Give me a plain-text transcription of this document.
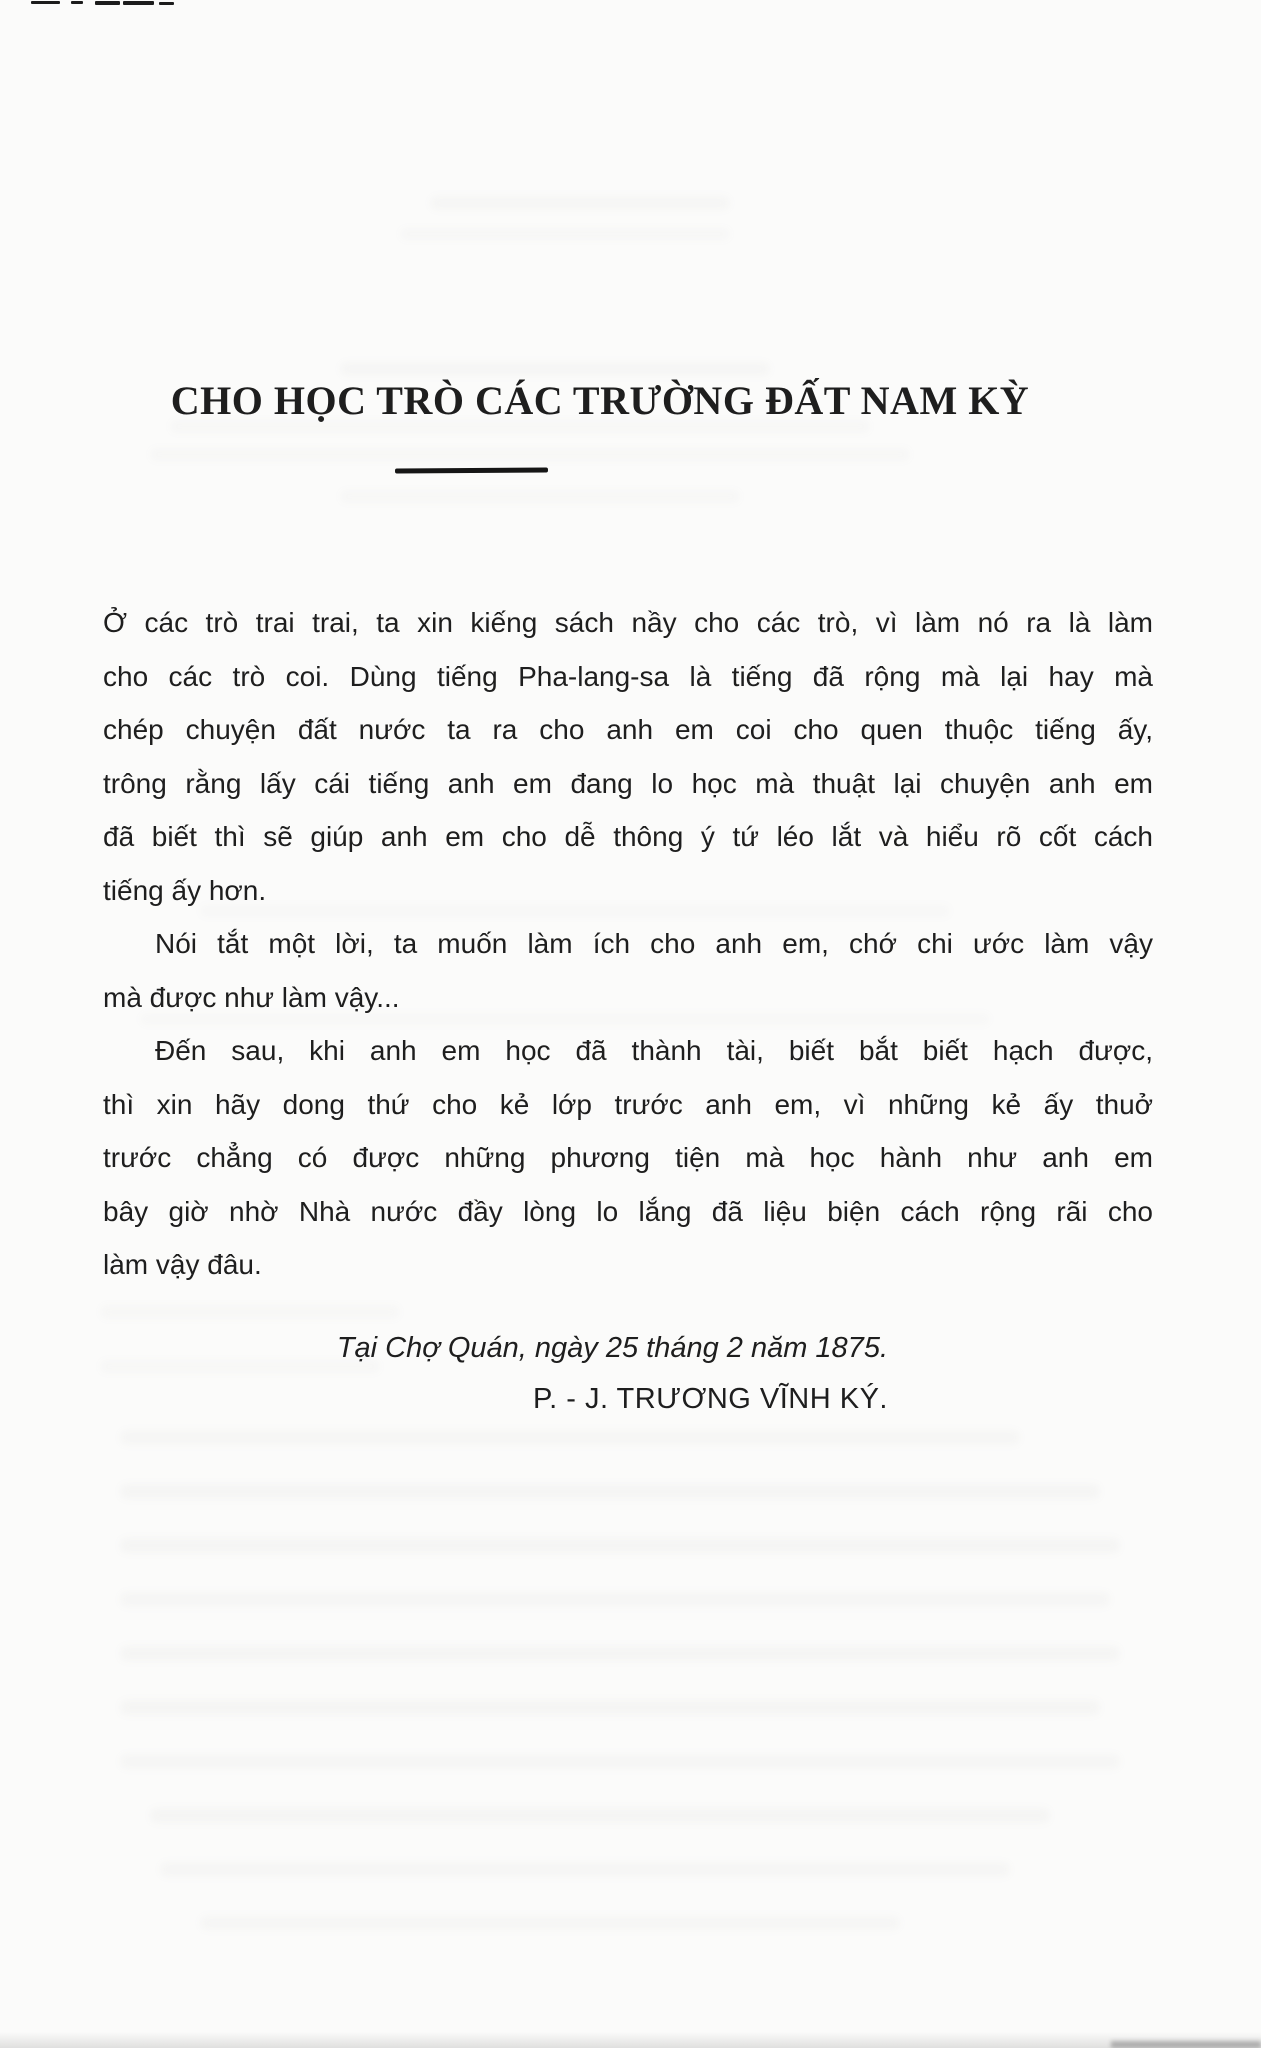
CHO HỌC TRÒ CÁC TRƯỜNG ĐẤT NAM KỲ
Ở các trò trai trai, ta xin kiếng sách nầy cho các trò, vì làm nó ra là làm
cho các trò coi. Dùng tiếng Pha-lang-sa là tiếng đã rộng mà lại hay mà
chép chuyện đất nước ta ra cho anh em coi cho quen thuộc tiếng ấy,
trông rằng lấy cái tiếng anh em đang lo học mà thuật lại chuyện anh em
đã biết thì sẽ giúp anh em cho dễ thông ý tứ léo lắt và hiểu rõ cốt cách
tiếng ấy hơn.
Nói tắt một lời, ta muốn làm ích cho anh em, chớ chi ước làm vậy
mà được như làm vậy...
Đến sau, khi anh em học đã thành tài, biết bắt biết hạch được,
thì xin hãy dong thứ cho kẻ lớp trước anh em, vì những kẻ ấy thuở
trước chẳng có được những phương tiện mà học hành như anh em
bây giờ nhờ Nhà nước đầy lòng lo lắng đã liệu biện cách rộng rãi cho
làm vậy đâu.
Tại Chợ Quán, ngày 25 tháng 2 năm 1875.
P. - J. TRƯƠNG VĨNH KÝ.
